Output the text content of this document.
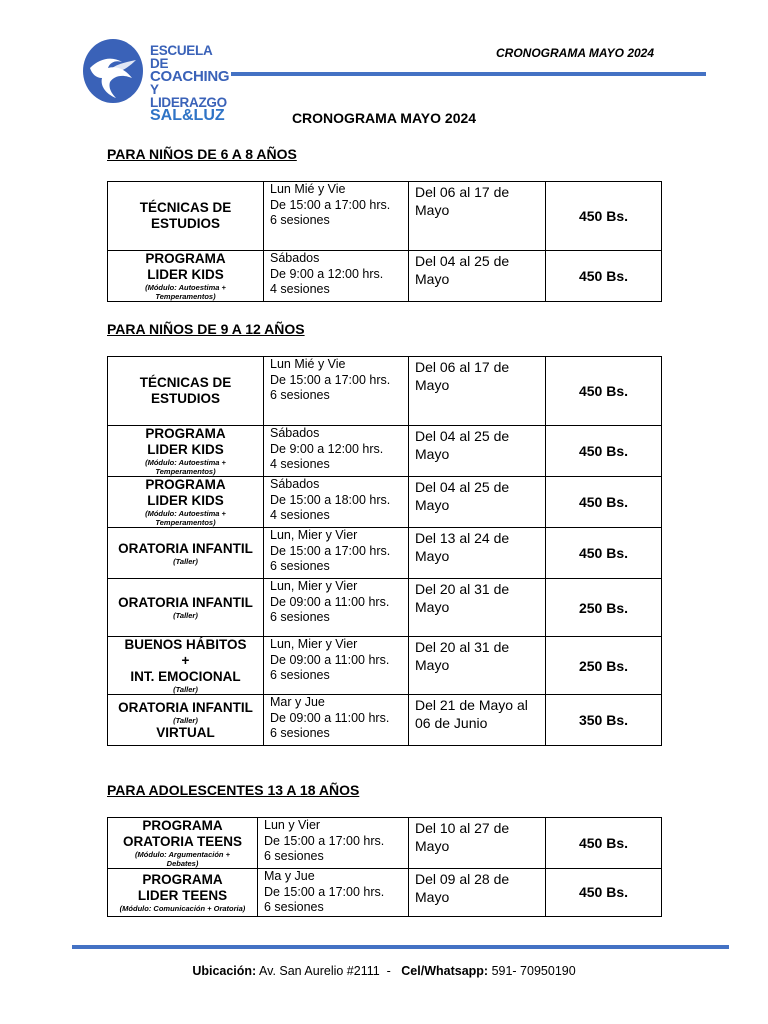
ESCUELA DE
COACHING
Y LIDERAZGO
SAL&LUZ
CRONOGRAMA MAYO 2024
CRONOGRAMA MAYO 2024
PARA NIÑOS DE 6 A 8 AÑOS
TÉCNICAS DE
ESTUDIOS	Lun Mié y Vie
De 15:00 a 17:00 hrs.
6 sesiones	Del 06 al 17 de Mayo	450 Bs.

PROGRAMA
LIDER KIDS
(Módulo: Autoestima +
Temperamentos)	Sábados
De 9:00 a 12:00 hrs.
4 sesiones	Del 04 al 25 de Mayo	450 Bs.
PARA NIÑOS DE 9 A 12 AÑOS
TÉCNICAS DE
ESTUDIOS	Lun Mié y Vie
De 15:00 a 17:00 hrs.
6 sesiones	Del 06 al 17 de Mayo	450 Bs.

PROGRAMA
LIDER KIDS
(Módulo: Autoestima +
Temperamentos)	Sábados
De 9:00 a 12:00 hrs.
4 sesiones	Del 04 al 25 de Mayo	450 Bs.

PROGRAMA
LIDER KIDS
(Módulo: Autoestima +
Temperamentos)	Sábados
De 15:00 a 18:00 hrs.
4 sesiones	Del 04 al 25 de Mayo	450 Bs.

ORATORIA INFANTIL
(Taller)	Lun, Mier y Vier
De 15:00 a 17:00 hrs.
6 sesiones	Del 13 al 24 de Mayo	450 Bs.

ORATORIA INFANTIL
(Taller)	Lun, Mier y Vier
De 09:00 a 11:00 hrs.
6 sesiones	Del 20 al 31 de Mayo	250 Bs.

BUENOS HÁBITOS
+
INT. EMOCIONAL
(Taller)	Lun, Mier y Vier
De 09:00 a 11:00 hrs.
6 sesiones	Del 20 al 31 de Mayo	250 Bs.

ORATORIA INFANTIL
(Taller)
VIRTUAL	Mar y Jue
De 09:00 a 11:00 hrs.
6 sesiones	Del 21 de Mayo al 06 de Junio	350 Bs.
PARA ADOLESCENTES 13 A 18 AÑOS
PROGRAMA
ORATORIA TEENS
(Módulo: Argumentación +
Debates)	Lun y Vier
De 15:00 a 17:00 hrs.
6 sesiones	Del 10 al 27 de Mayo	450 Bs.

PROGRAMA
LIDER TEENS
(Módulo: Comunicación + Oratoria)	Ma y Jue
De 15:00 a 17:00 hrs.
6 sesiones	Del 09 al 28 de Mayo	450 Bs.
Ubicación: Av. San Aurelio #2111 - Cel/Whatsapp: 591- 70950190
